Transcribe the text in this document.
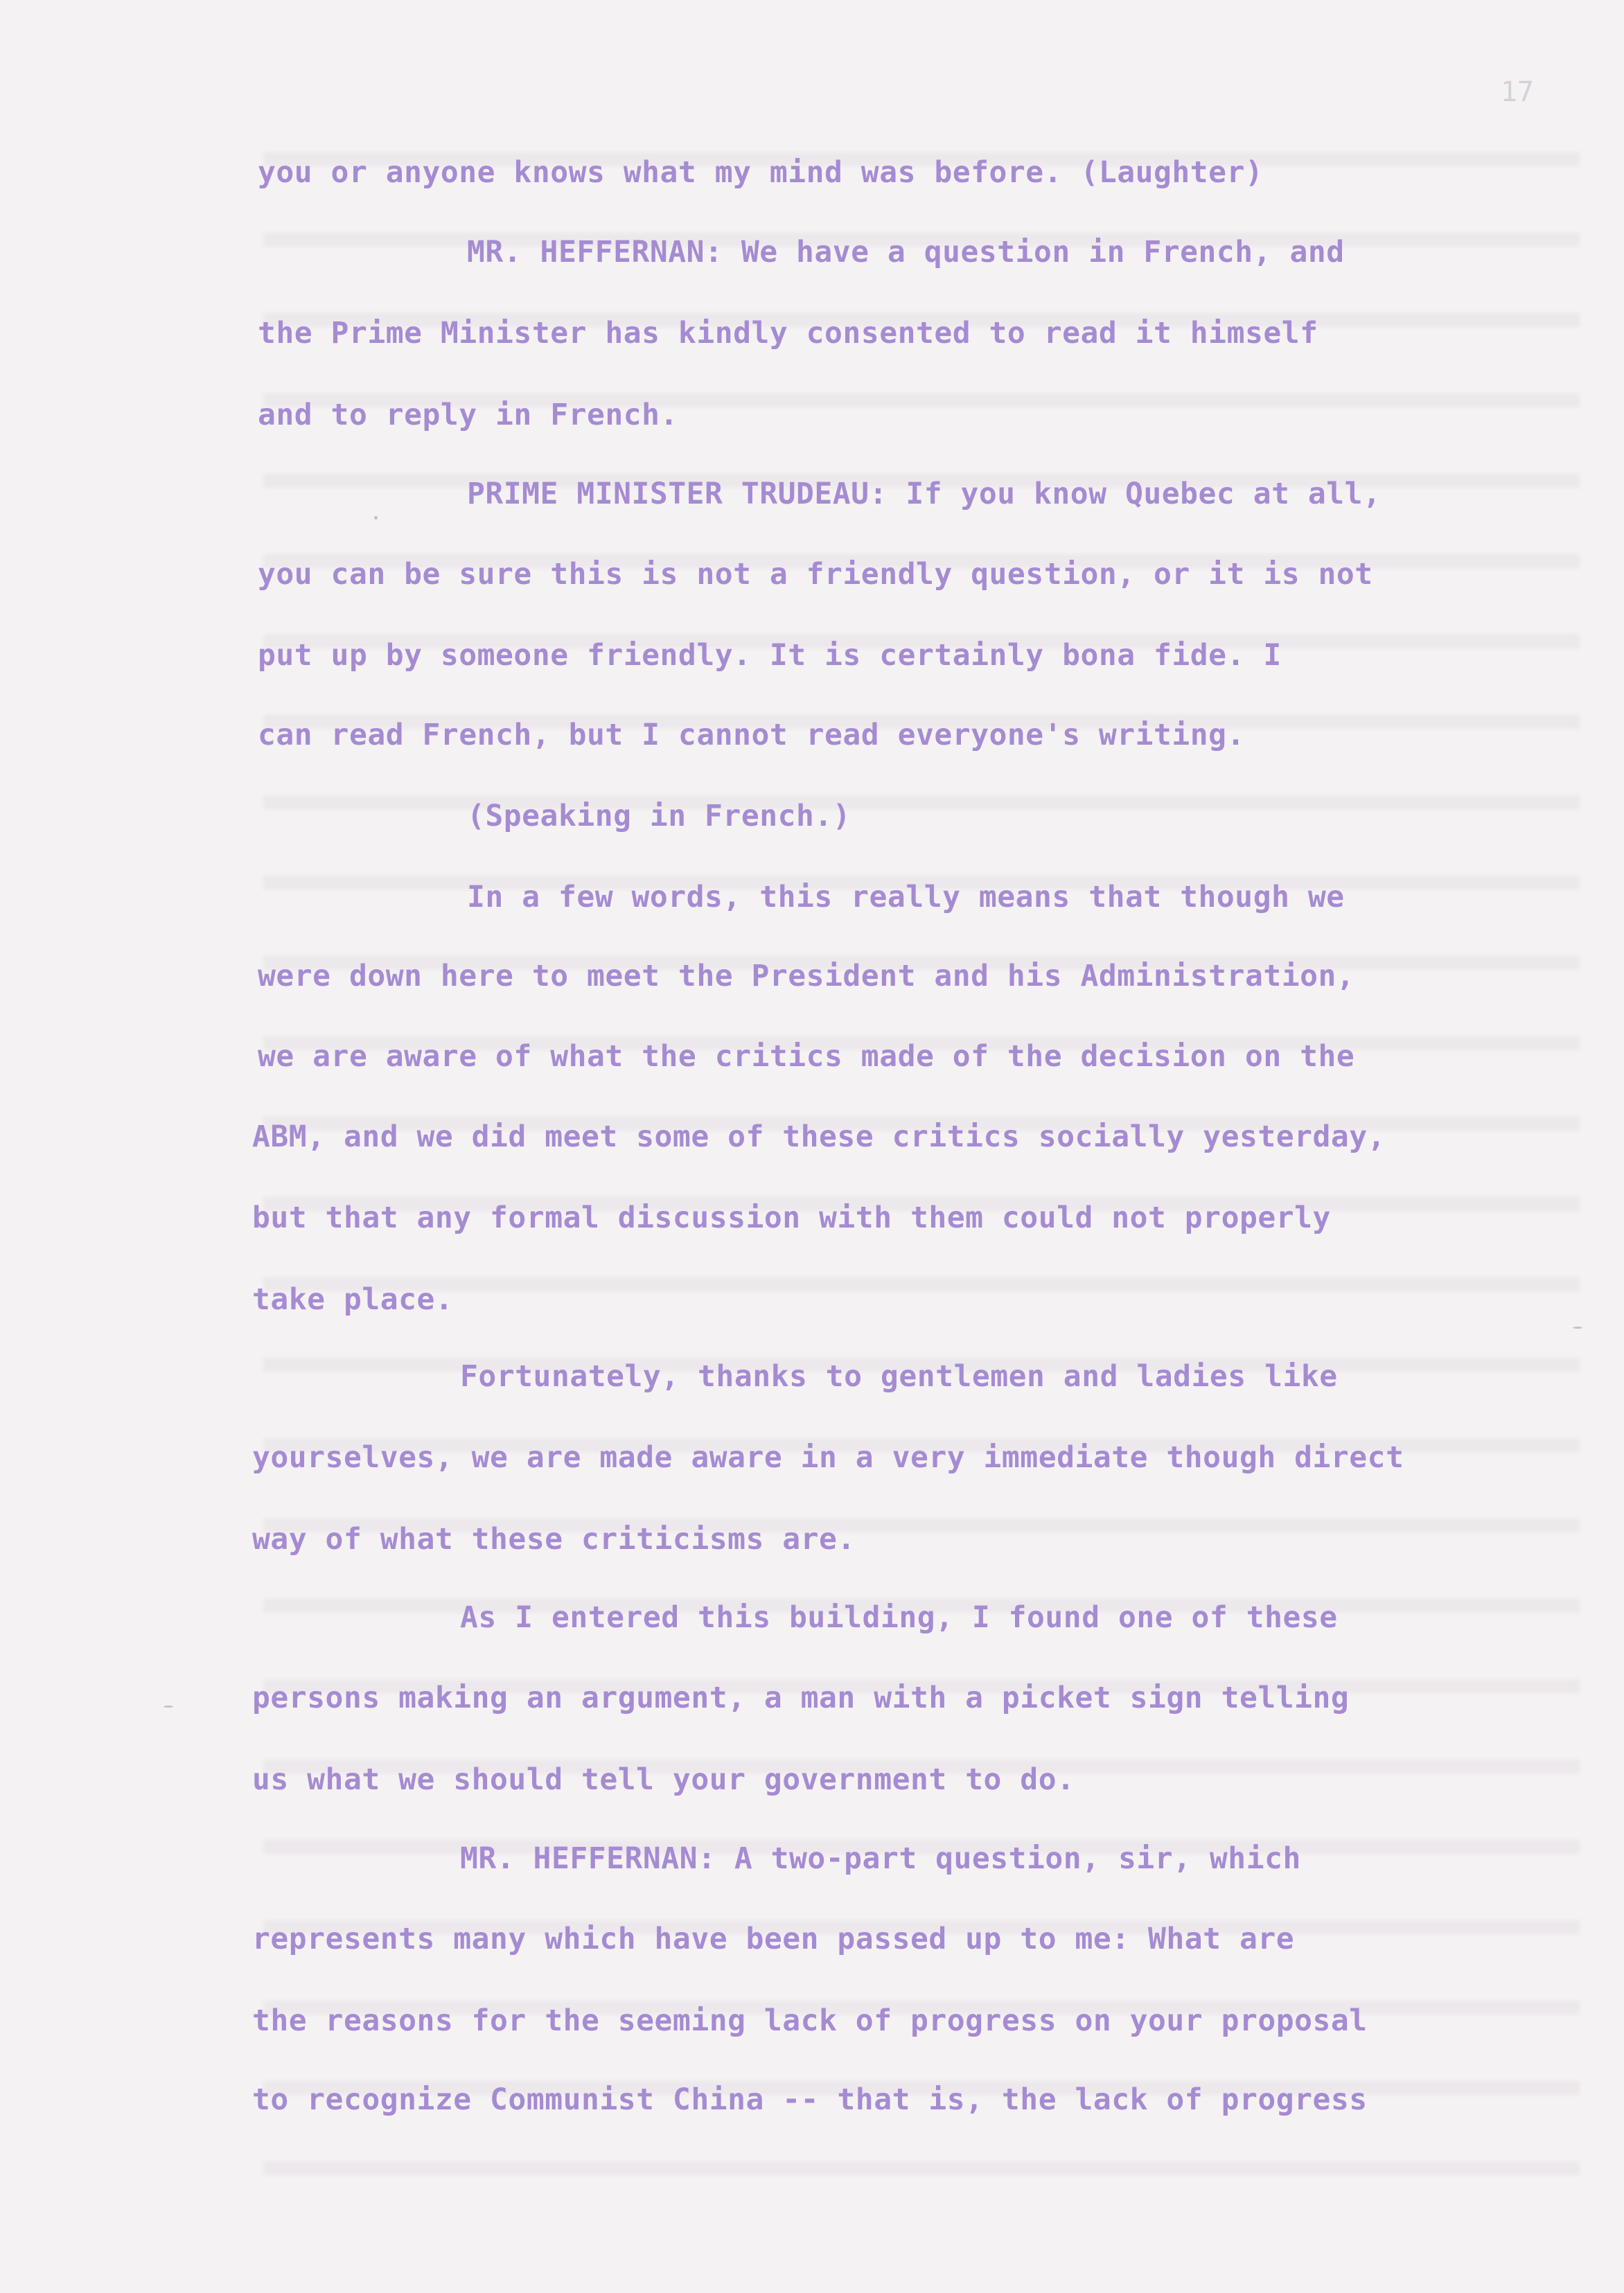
17
you or anyone knows what my mind was before. (Laughter)
MR. HEFFERNAN: We have a question in French, and
the Prime Minister has kindly consented to read it himself
and to reply in French.
PRIME MINISTER TRUDEAU: If you know Quebec at all,
you can be sure this is not a friendly question, or it is not
put up by someone friendly. It is certainly bona fide. I
can read French, but I cannot read everyone's writing.
(Speaking in French.)
In a few words, this really means that though we
were down here to meet the President and his Administration,
we are aware of what the critics made of the decision on the
ABM, and we did meet some of these critics socially yesterday,
but that any formal discussion with them could not properly
take place.
Fortunately, thanks to gentlemen and ladies like
yourselves, we are made aware in a very immediate though direct
way of what these criticisms are.
As I entered this building, I found one of these
persons making an argument, a man with a picket sign telling
us what we should tell your government to do.
MR. HEFFERNAN: A two-part question, sir, which
represents many which have been passed up to me: What are
the reasons for the seeming lack of progress on your proposal
to recognize Communist China -- that is, the lack of progress
